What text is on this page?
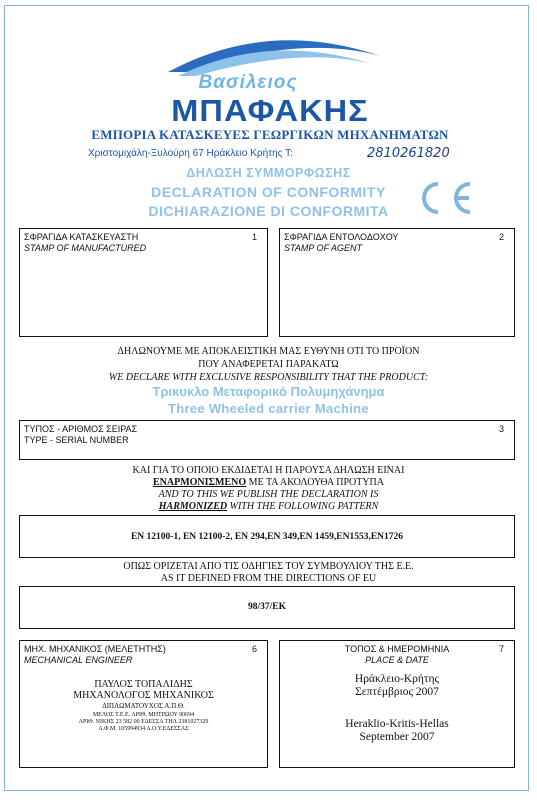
Βασίλειος
ΜΠΑΦΑΚΗΣ
ΕΜΠΟΡΙΑ ΚΑΤΑΣΚΕΥΕΣ ΓΕΩΡΓΙΚΩΝ ΜΗΧΑΝΗΜΑΤΩΝ
Χριστομιχάλη-Ξυλούρη 67 Ηράκλειο Κρήτης Τ:	2810261820
ΔΗΛΩΣΗ ΣΥΜΜΟΡΦΩΣΗΣ
DECLARATION OF CONFORMITY
DICHIARAZIONE DI CONFORMITA
ΣΦΡΑΓΙΔΑ ΚΑΤΑΣΚΕΥΑΣΤΗ
STAMP OF MANUFACTURED
1	ΣΦΡΑΓΙΔΑ ΕΝΤΟΛΟΔΟΧΟΥ
STAMP OF AGENT
2
ΔΗΛΩΝΟΥΜΕ ΜΕ ΑΠΟΚΛΕΙΣΤΙΚΗ ΜΑΣ ΕΥΘΥΝΗ ΟΤΙ ΤΟ ΠΡΟΪΟΝ
ΠΟΥ ΑΝΑΦΕΡΕΤΑΙ ΠΑΡΑΚΑΤΩ
WE DECLARE WITH EXCLUSIVE RESPONSIBILITY THAT THE PRODUCT:
Τρικυκλο Μεταφορικό Πολυμηχάνημα
Three Wheeled carrier Machine
ΤΥΠΟΣ - ΑΡΙΘΜΟΣ ΣΕΙΡΑΣ
TYPE - SERIAL NUMBER
3
ΚΑΙ ΓΙΑ ΤΟ ΟΠΟΙΟ ΕΚΔΙΔΕΤΑΙ Η ΠΑΡΟΥΣΑ ΔΗΛΩΣΗ ΕΙΝΑΙ
ΕΝΑΡΜΟΝΙΣΜΕΝΟ ΜΕ ΤΑ ΑΚΟΛΟΥΘΑ ΠΡΟΤΥΠΑ
AND TO THIS WE PUBLISH THE DECLARATION IS
HARMONIZED WITH THE FOLLOWING PATTERN
EN 12100-1, EN 12100-2, EN 294,EN 349,EN 1459,EN1553,EN1726
ΟΠΩΣ ΟΡΙΖΕΤΑΙ ΑΠΟ ΤΙΣ ΟΔΗΓΙΕΣ ΤΟΥ ΣΥΜΒΟΥΛΙΟΥ ΤΗΣ Ε.Ε.
AS IT DEFINED FROM THE DIRECTIONS OF EU
98/37/EK
ΜΗΧ. ΜΗΧΑΝΙΚΟΣ (ΜΕΛΕΤΗΤΗΣ)
MECHANICAL ENGINEER
6
ΠΑΥΛΟΣ ΤΟΠΑΛΙΔΗΣ
ΜΗΧΑΝΟΛΟΓΟΣ ΜΗΧΑΝΙΚΟΣ
ΔΙΠΛΩΜΑΤΟΥΧΟΣ Α.Π.Θ.
ΜΕΛΟΣ Τ.Ε.Ε. ΑΡΙΘ. ΜΗΤΡΩΟΥ 90694
ΑΡΙΘ. ΝΙΚΗΣ 23 582 00 ΕΔΕΣΣΑ ΤΗΛ 2381027329
Α.Φ.Μ. 105994934 Δ.Ο.Υ.ΕΔΕΣΣΑΣ
ΤΟΠΟΣ & ΗΜΕΡΟΜΗΝΙΑ
PLACE & DATE
7
Ηράκλειο-Κρήτης
Σεπτέμβριος 2007
Heraklio-Kritis-Hellas
September 2007
